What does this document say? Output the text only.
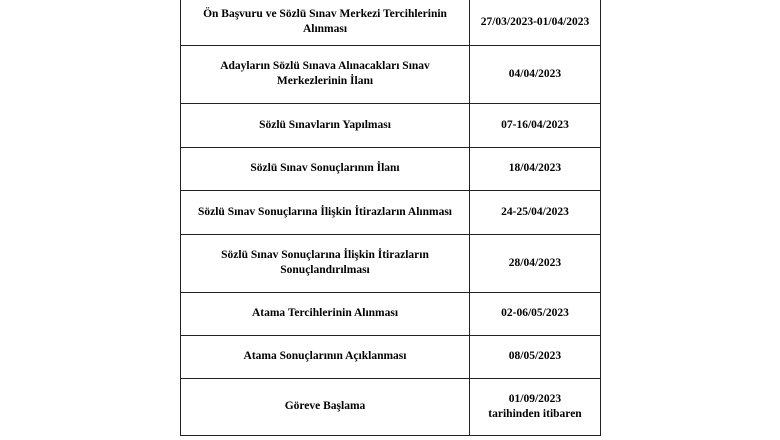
Ön Başvuru ve Sözlü Sınav Merkezi Tercihlerinin Alınması	27/03/2023-01/04/2023
Adayların Sözlü Sınava Alınacakları Sınav Merkezlerinin İlanı	04/04/2023
Sözlü Sınavların Yapılması	07-16/04/2023
Sözlü Sınav Sonuçlarının İlanı	18/04/2023
Sözlü Sınav Sonuçlarına İlişkin İtirazların Alınması	24-25/04/2023
Sözlü Sınav Sonuçlarına İlişkin İtirazların Sonuçlandırılması	28/04/2023
Atama Tercihlerinin Alınması	02-06/05/2023
Atama Sonuçlarının Açıklanması	08/05/2023
Göreve Başlama	01/09/2023 tarihinden itibaren
